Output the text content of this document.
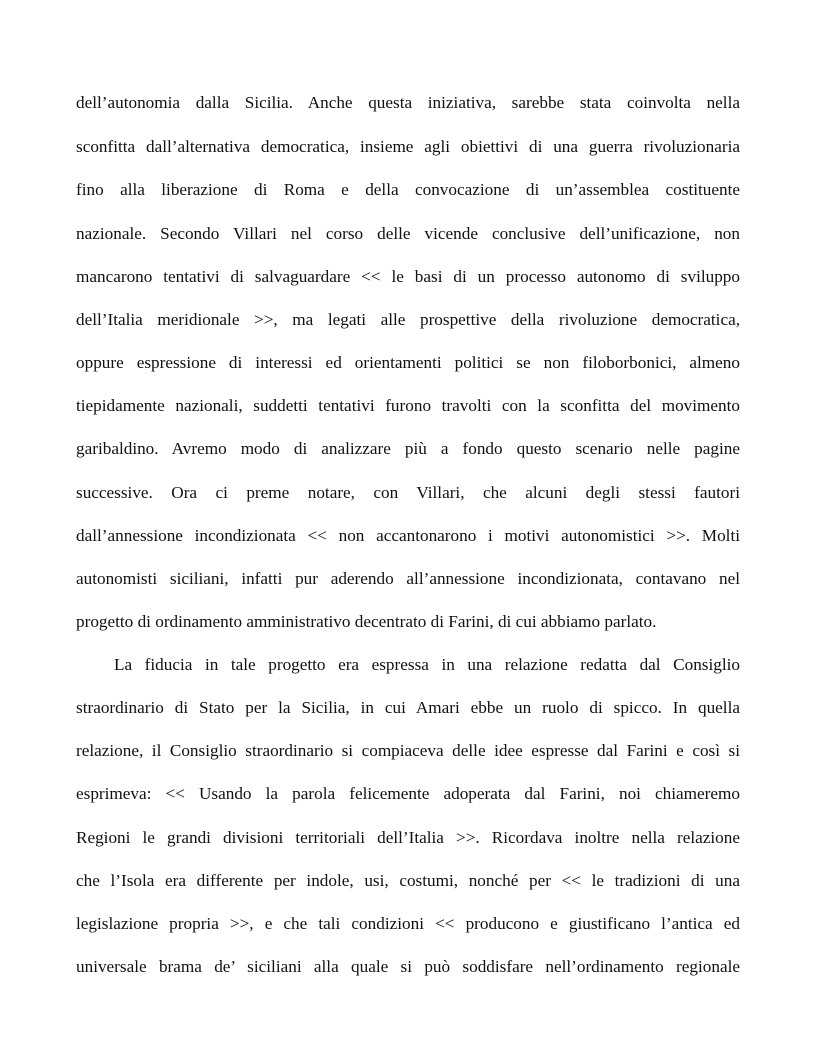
dell’autonomia dalla Sicilia. Anche questa iniziativa, sarebbe stata coinvolta nella
sconfitta dall’alternativa democratica, insieme agli obiettivi di una guerra rivoluzionaria
fino alla liberazione di Roma e della convocazione di un’assemblea costituente
nazionale. Secondo Villari nel corso delle vicende conclusive dell’unificazione, non
mancarono tentativi di salvaguardare << le basi di un processo autonomo di sviluppo
dell’Italia meridionale >>, ma legati alle prospettive della rivoluzione democratica,
oppure espressione di interessi ed orientamenti politici se non filoborbonici, almeno
tiepidamente nazionali, suddetti tentativi furono travolti con la sconfitta del movimento
garibaldino. Avremo modo di analizzare più a fondo questo scenario nelle pagine
successive. Ora ci preme notare, con Villari, che alcuni degli stessi fautori
dall’annessione incondizionata << non accantonarono i motivi autonomistici >>. Molti
autonomisti siciliani, infatti pur aderendo all’annessione incondizionata, contavano nel
progetto di ordinamento amministrativo decentrato di Farini, di cui abbiamo parlato.
La fiducia in tale progetto era espressa in una relazione redatta dal Consiglio
straordinario di Stato per la Sicilia, in cui Amari ebbe un ruolo di spicco. In quella
relazione, il Consiglio straordinario si compiaceva delle idee espresse dal Farini e così si
esprimeva: << Usando la parola felicemente adoperata dal Farini, noi chiameremo
Regioni le grandi divisioni territoriali dell’Italia >>. Ricordava inoltre nella relazione
che l’Isola era differente per indole, usi, costumi, nonché per << le tradizioni di una
legislazione propria >>, e che tali condizioni << producono e giustificano l’antica ed
universale brama de’ siciliani alla quale si può soddisfare nell’ordinamento regionale
